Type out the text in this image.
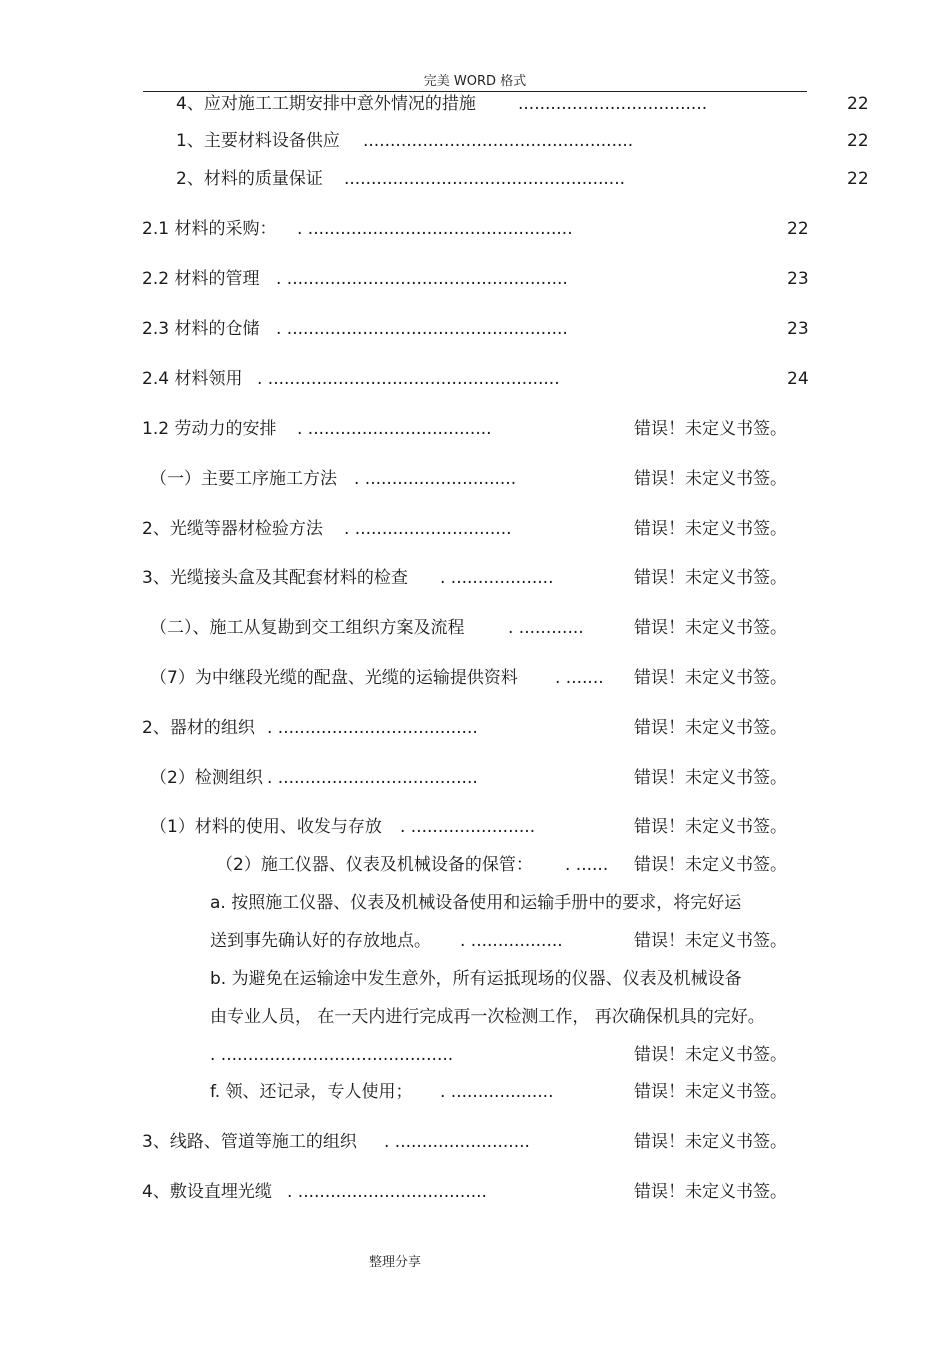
完美 WORD 格式
4、应对施工工期安排中意外情况的措施 ...................................	22
1、主要材料设备供应 ..................................................	22
2、材料的质量保证 ....................................................	22
2.1 材料的采购： . .................................................	22
2.2 材料的管理 . ....................................................	23
2.3 材料的仓储 . ....................................................	23
2.4 材料领用 . ......................................................	24
1.2 劳动力的安排 . ..................................	错误！未定义书签。
（一）主要工序施工方法 . ............................	错误！未定义书签。
2、光缆等器材检验方法 . .............................	错误！未定义书签。
3、光缆接头盒及其配套材料的检查 . ...................	错误！未定义书签。
（二）、施工从复勘到交工组织方案及流程	. ............	错误！未定义书签。
（7）为中继段光缆的配盘、光缆的运输提供资料 . ....... 错误！未定义书签。
2、器材的组织 . .....................................	错误！未定义书签。
（2）检测组织 . .....................................	错误！未定义书签。
（1）材料的使用、收发与存放 . .......................	错误！未定义书签。
（2）施工仪器、仪表及机械设备的保管： . ...... 错误！未定义书签。
a. 按照施工仪器、仪表及机械设备使用和运输手册中的要求，将完好运
送到事先确认好的存放地点。 . .................	错误！未定义书签。
b. 为避免在运输途中发生意外，所有运抵现场的仪器、仪表及机械设备
由专业人员， 在一天内进行完成再一次检测工作， 再次确保机具的完好。
. ...........................................	错误！未定义书签。
f. 领、还记录，专人使用； . ...................	错误！未定义书签。
3、线路、管道等施工的组织 . .........................	错误！未定义书签。
4、敷设直埋光缆 . ...................................	错误！未定义书签。
整理分享
